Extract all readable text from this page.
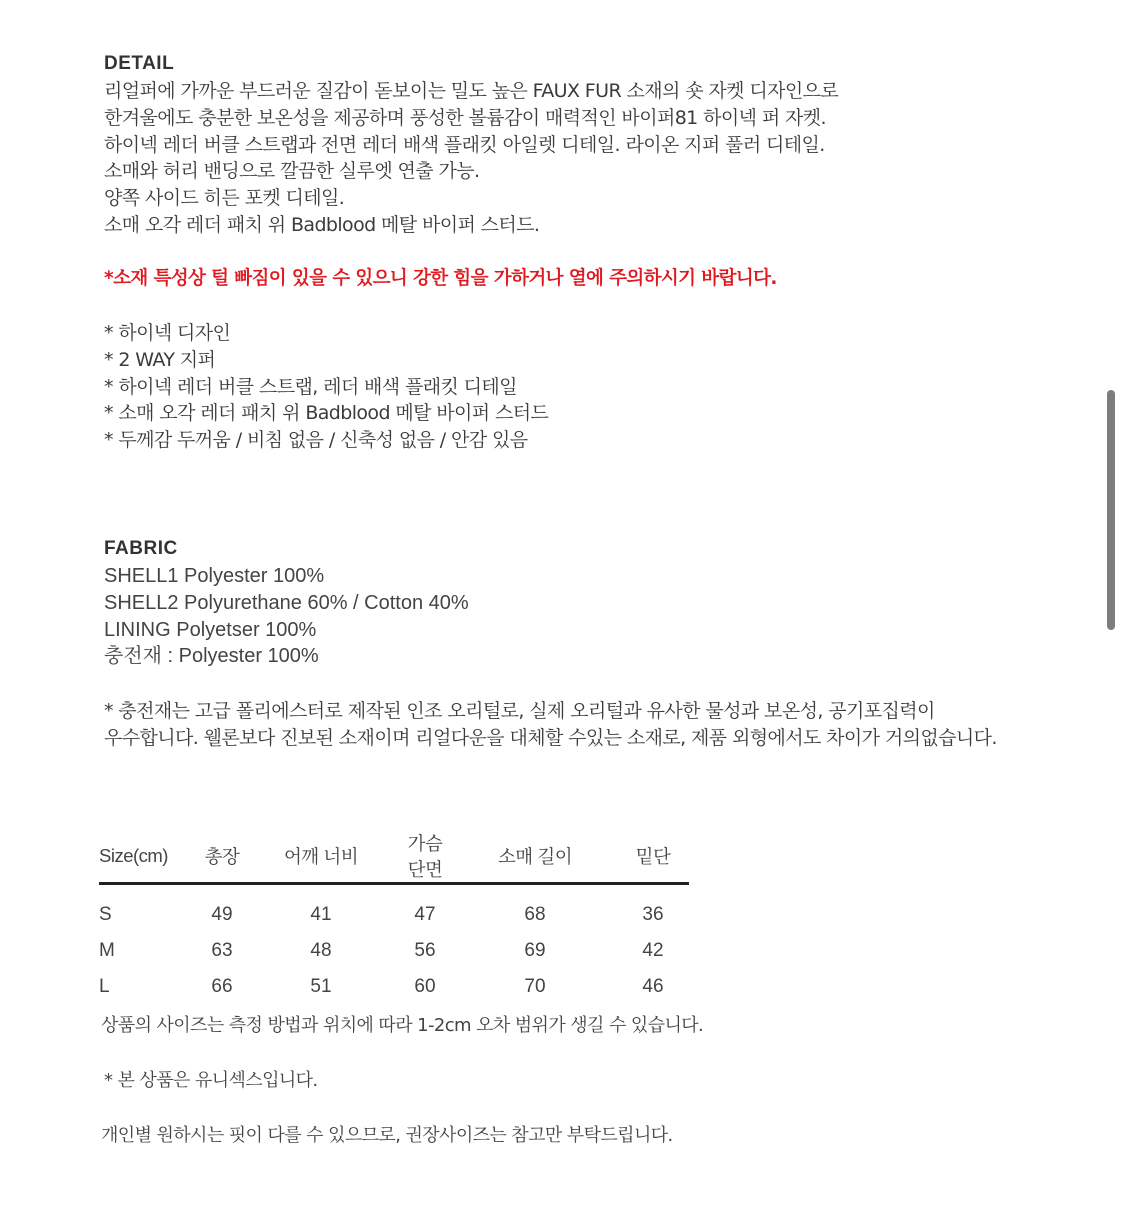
DETAIL
리얼퍼에 가까운 부드러운 질감이 돋보이는 밀도 높은 FAUX FUR 소재의 숏 자켓 디자인으로
한겨울에도 충분한 보온성을 제공하며 풍성한 볼륨감이 매력적인 바이퍼81 하이넥 퍼 자켓.
하이넥 레더 버클 스트랩과 전면 레더 배색 플래킷 아일렛 디테일. 라이온 지퍼 풀러 디테일.
소매와 허리 밴딩으로 깔끔한 실루엣 연출 가능.
양쪽 사이드 히든 포켓 디테일.
소매 오각 레더 패치 위 Badblood 메탈 바이퍼 스터드.
*소재 특성상 털 빠짐이 있을 수 있으니 강한 힘을 가하거나 열에 주의하시기 바랍니다.
* 하이넥 디자인
* 2 WAY 지퍼
* 하이넥 레더 버클 스트랩, 레더 배색 플래킷 디테일
* 소매 오각 레더 패치 위 Badblood 메탈 바이퍼 스터드
* 두께감 두꺼움 / 비침 없음 / 신축성 없음 / 안감 있음
FABRIC
SHELL1 Polyester 100%
SHELL2 Polyurethane 60% / Cotton 40%
LINING Polyetser 100%
충전재 : Polyester 100%
* 충전재는 고급 폴리에스터로 제작된 인조 오리털로, 실제 오리털과 유사한 물성과 보온성, 공기포집력이
우수합니다. 웰론보다 진보된 소재이며 리얼다운을 대체할 수있는 소재로, 제품 외형에서도 차이가 거의없습니다.
Size(cm)	총장	어깨 너비	가슴 단면	소매 길이	밑단
S	49	41	47	68	36
M	63	48	56	69	42
L	66	51	60	70	46
상품의 사이즈는 측정 방법과 위치에 따라 1-2cm 오차 범위가 생길 수 있습니다.
* 본 상품은 유니섹스입니다.
개인별 원하시는 핏이 다를 수 있으므로, 권장사이즈는 참고만 부탁드립니다.
